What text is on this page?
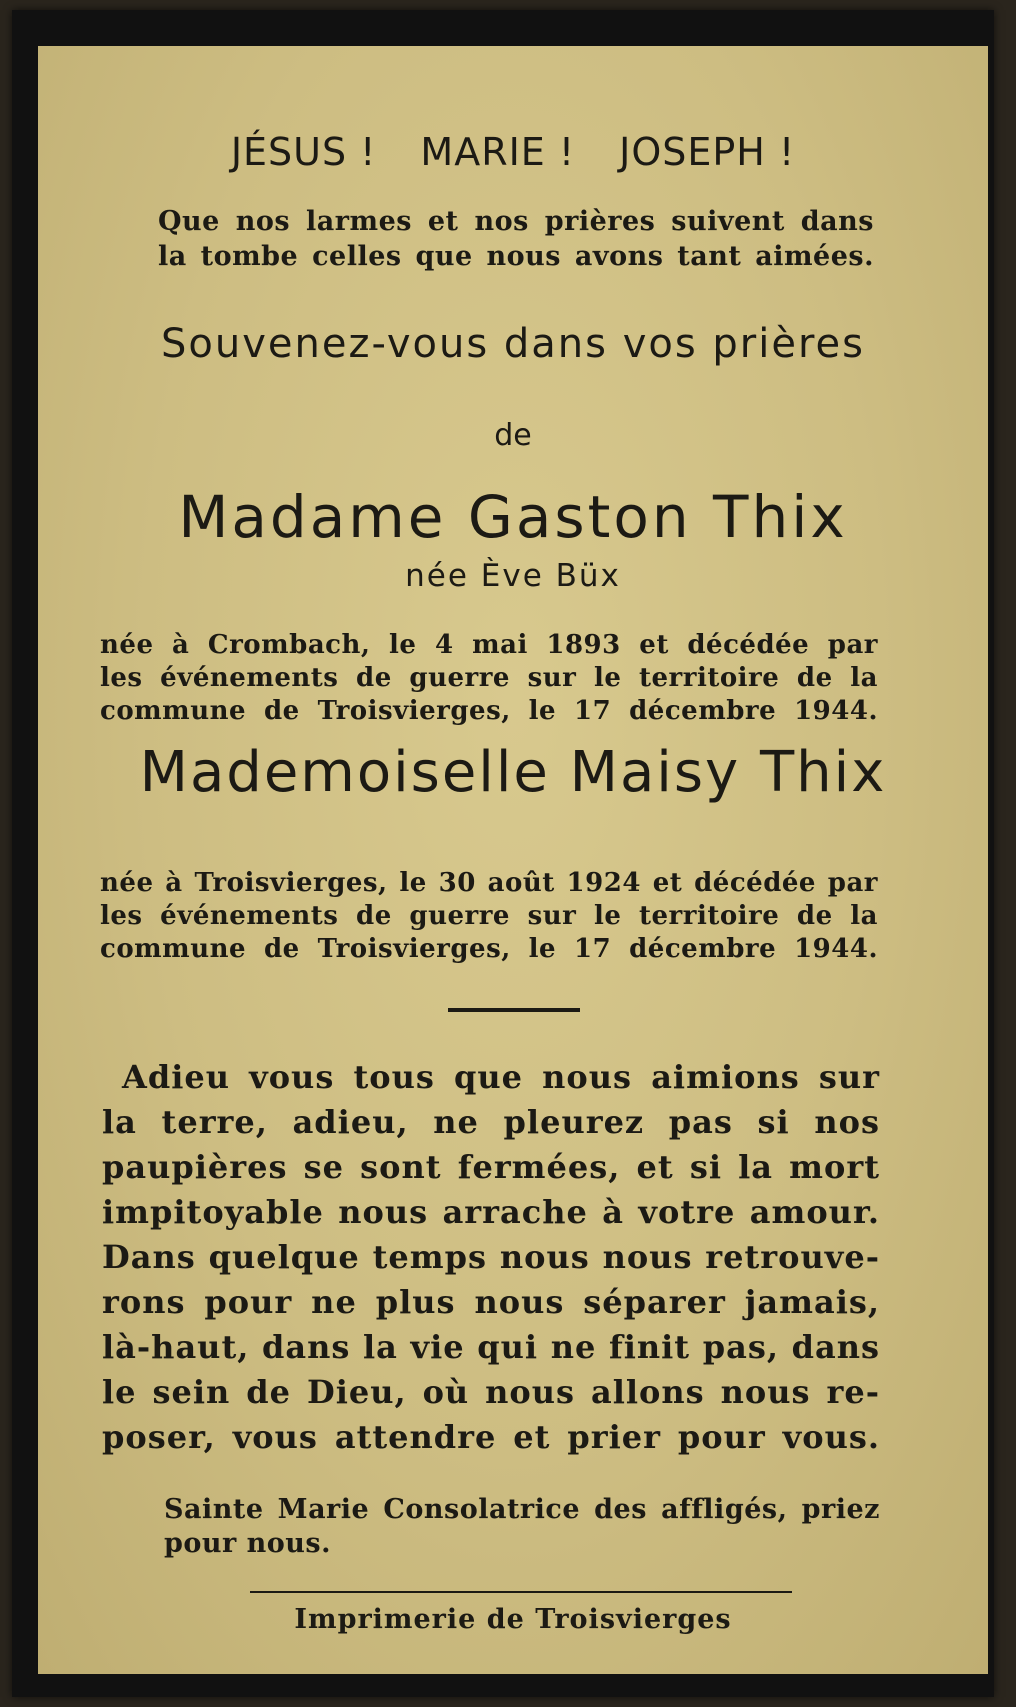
JÉSUS ! MARIE ! JOSEPH !
Que nos larmes et nos prières suivent dans
la tombe celles que nous avons tant aimées.
Souvenez-vous dans vos prières
de
Madame Gaston Thix
née Ève Büx
née à Crombach, le 4 mai 1893 et décédée par
les événements de guerre sur le territoire de la
commune de Troisvierges, le 17 décembre 1944.
Mademoiselle Maisy Thix
née à Troisvierges, le 30 août 1924 et décédée par
les événements de guerre sur le territoire de la
commune de Troisvierges, le 17 décembre 1944.
Adieu vous tous que nous aimions sur
la terre, adieu, ne pleurez pas si nos
paupières se sont fermées, et si la mort
impitoyable nous arrache à votre amour.
Dans quelque temps nous nous retrouve-
rons pour ne plus nous séparer jamais,
là-haut, dans la vie qui ne finit pas, dans
le sein de Dieu, où nous allons nous re-
poser, vous attendre et prier pour vous.
Sainte Marie Consolatrice des affligés, priez
pour nous.
Imprimerie de Troisvierges
